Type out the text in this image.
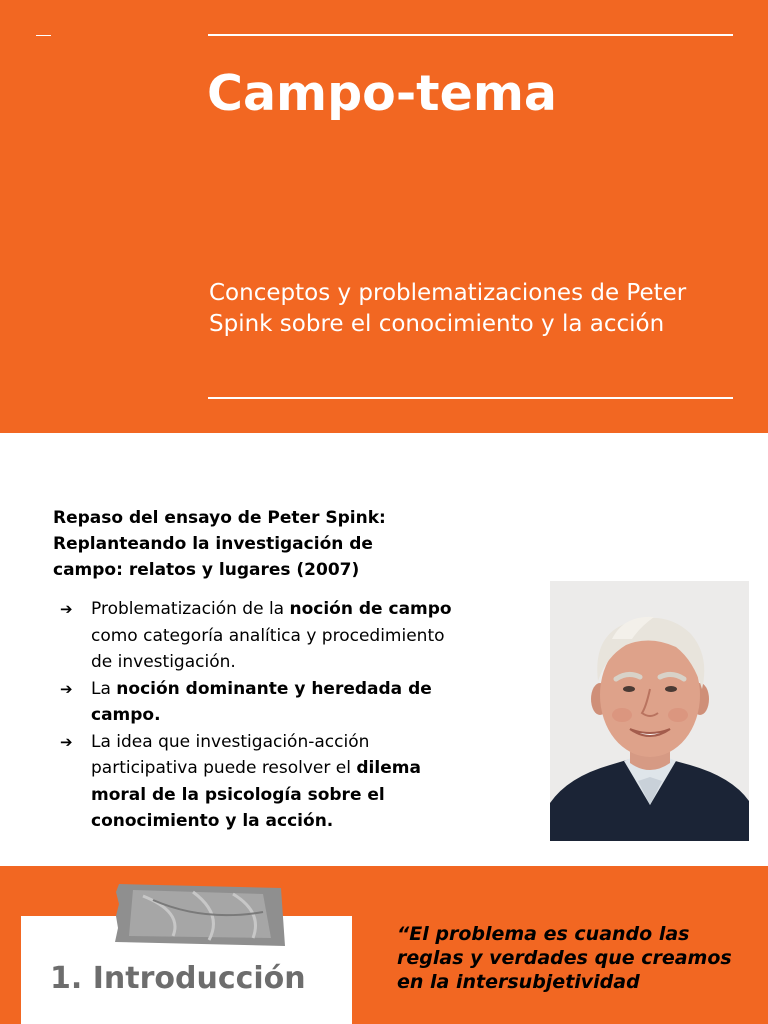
Campo-tema

Conceptos y problematizaciones de Peter Spink sobre el conocimiento y la acción

Repaso del ensayo de Peter Spink: Replanteando la investigación de campo: relatos y lugares (2007)

➔ Problematización de la noción de campo como categoría analítica y procedimiento de investigación.
➔ La noción dominante y heredada de campo.
➔ La idea que investigación-acción participativa puede resolver el dilema moral de la psicología sobre el conocimiento y la acción.
1. Introducción

“El problema es cuando las reglas y verdades que creamos en la intersubjetividad
